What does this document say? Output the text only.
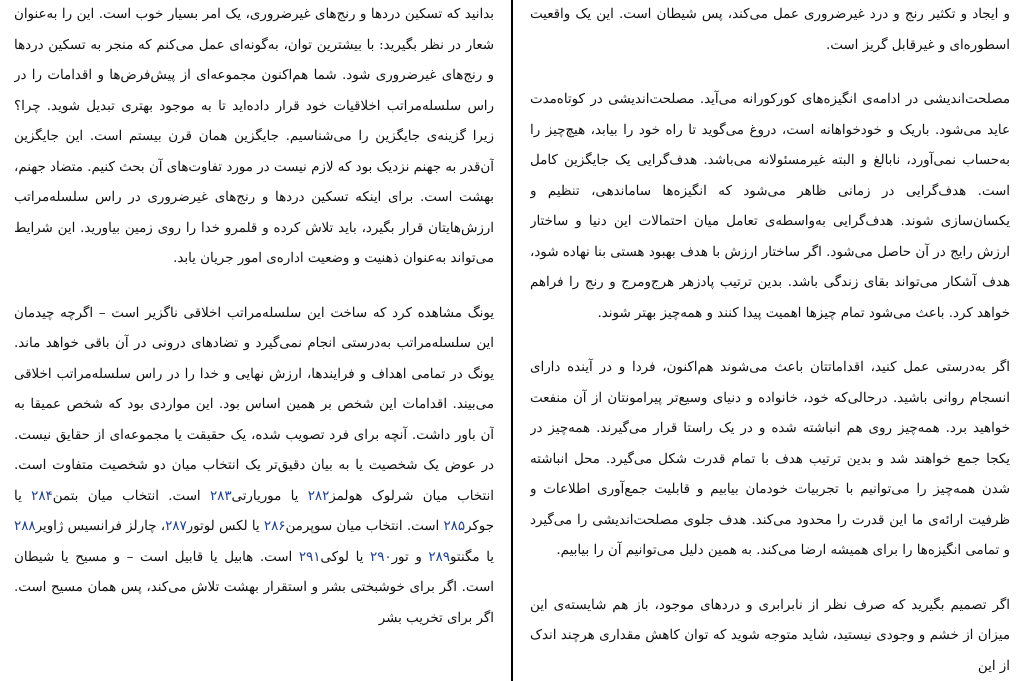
و ایجاد و تکثیر رنج و درد غیرضروری عمل می‌کند، پس شیطان است. این یک واقعیت اسطوره‌ای و غیرقابل گریز است.

مصلحت‌اندیشی در ادامه‌ی انگیزه‌های کورکورانه می‌آید. مصلحت‌اندیشی در کوتاه‌مدت عاید می‌شود. باریک و خودخواهانه است، دروغ می‌گوید تا راه خود را بیابد، هیچ‌چیز را به‌حساب نمی‌آورد، نابالغ و البته غیرمسئولانه می‌باشد. هدف‌گرایی یک جایگزین کامل است. هدف‌گرایی در زمانی ظاهر می‌شود که انگیزه‌ها ساماندهی، تنظیم و یکسان‌سازی شوند. هدف‌گرایی به‌واسطه‌ی تعامل میان احتمالات این دنیا و ساختار ارزش رایج در آن حاصل می‌شود. اگر ساختار ارزش با هدف بهبود هستی بنا نهاده شود، هدف آشکار می‌تواند بقای زندگی باشد. بدین ترتیب پادزهر هرج‌ومرج و رنج را فراهم خواهد کرد. باعث می‌شود تمام چیزها اهمیت پیدا کنند و همه‌چیز بهتر شوند.

اگر به‌درستی عمل کنید، اقداماتتان باعث می‌شوند هم‌اکنون، فردا و در آینده دارای انسجام روانی باشید. درحالی‌که خود، خانواده و دنیای وسیع‌تر پیرامونتان از آن منفعت خواهید برد. همه‌چیز روی هم انباشته شده و در یک راستا قرار می‌گیرند. همه‌چیز در یکجا جمع خواهند شد و بدین ترتیب هدف با تمام قدرت شکل می‌گیرد. محل انباشته شدن همه‌چیز را می‌توانیم با تجربیات خودمان بیابیم و قابلیت جمع‌آوری اطلاعات و ظرفیت ارائه‌ی ما این قدرت را محدود می‌کند. هدف جلوی مصلحت‌اندیشی را می‌گیرد و تمامی انگیزه‌ها را برای همیشه ارضا می‌کند. به همین دلیل می‌توانیم آن را بیابیم.

اگر تصمیم بگیرید که صرف نظر از نابرابری و دردهای موجود، باز هم شایسته‌ی این میزان از خشم و وجودی نیستید، شاید متوجه شوید که توان کاهش مقداری هرچند اندک از این

بدانید که تسکین دردها و رنج‌های غیرضروری، یک امر بسیار خوب است. این را به‌عنوان شعار در نظر بگیرید: با بیشترین توان، به‌گونه‌ای عمل می‌کنم که منجر به تسکین دردها و رنج‌های غیرضروری شود. شما هم‌اکنون مجموعه‌ای از پیش‌فرض‌ها و اقدامات را در راس سلسله‌مراتب اخلاقیات خود قرار داده‌اید تا به موجود بهتری تبدیل شوید. چرا؟ زیرا گزینه‌ی جایگزین را می‌شناسیم. جایگزین همان قرن بیستم است. این جایگزین آن‌قدر به جهنم نزدیک بود که لازم نیست در مورد تفاوت‌های آن بحث کنیم. متضاد جهنم، بهشت است. برای اینکه تسکین دردها و رنج‌های غیرضروری در راس سلسله‌مراتب ارزش‌هایتان قرار بگیرد، باید تلاش کرده و قلمرو خدا را روی زمین بیاورید. این شرایط می‌تواند به‌عنوان ذهنیت و وضعیت اداره‌ی امور جریان یابد.

یونگ مشاهده کرد که ساخت این سلسله‌مراتب اخلاقی ناگزیر است – اگرچه چیدمان این سلسله‌مراتب به‌درستی انجام نمی‌گیرد و تضادهای درونی در آن باقی خواهد ماند. یونگ در تمامی اهداف و فرایندها، ارزش نهایی و خدا را در راس سلسله‌مراتب اخلاقی می‌بیند. اقدامات این شخص بر همین اساس بود. این مواردی بود که شخص عمیقا به آن باور داشت. آنچه برای فرد تصویب شده، یک حقیقت یا مجموعه‌ای از حقایق نیست. در عوض یک شخصیت یا به بیان دقیق‌تر یک انتخاب میان دو شخصیت متفاوت است. انتخاب میان شرلوک هولمز۲۸۲ یا موریارتی۲۸۳ است. انتخاب میان بتمن۲۸۴ یا جوکر۲۸۵ است. انتخاب میان سوپرمن۲۸۶ یا لکس لوتور۲۸۷، چارلز فرانسیس ژاویر۲۸۸ یا مگنتو۲۸۹ و تور۲۹۰ یا لوکی۲۹۱ است. هابیل یا قابیل است – و مسیح یا شیطان است. اگر برای خوشبختی بشر و استقرار بهشت تلاش می‌کند، پس همان مسیح است. اگر برای تخریب بشر
